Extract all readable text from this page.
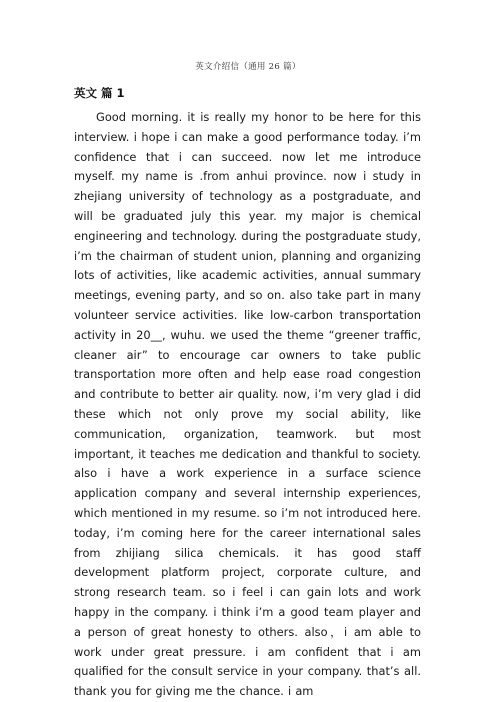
英文介绍信（通用 26 篇）
英文 篇 1

Good morning. it is really my honor to be here for this interview. i hope i can make a good performance today. i’m confidence that i can succeed. now let me introduce myself. my name is .from anhui province. now i study in zhejiang university of technology as a postgraduate, and will be graduated july this year. my major is chemical engineering and technology. during the postgraduate study, i’m the chairman of student union, planning and organizing lots of activities, like academic activities, annual summary meetings, evening party, and so on. also take part in many volunteer service activities. like low-carbon transportation activity in 20__, wuhu. we used the theme “greener traffic, cleaner air” to encourage car owners to take public transportation more often and help ease road congestion and contribute to better air quality. now, i’m very glad i did these which not only prove my social ability, like communication, organization, teamwork. but most important, it teaches me dedication and thankful to society. also i have a work experience in a surface science application company and several internship experiences, which mentioned in my resume. so i’m not introduced here. today, i’m coming here for the career international sales from zhijiang silica chemicals. it has good staff development platform project, corporate culture, and strong research team. so i feel i can gain lots and work happy in the company. i think i’m a good team player and a person of great honesty to others. also，i am able to work under great pressure. i am confident that i am qualified for the consult service in your company. that’s all. thank you for giving me the chance. i am
